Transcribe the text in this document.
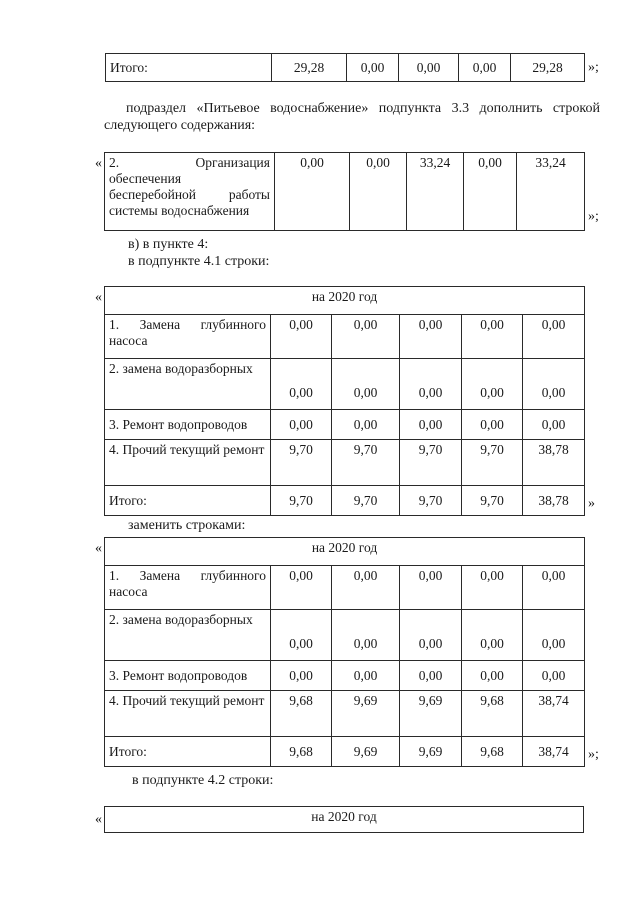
Итого:	29,28	0,00	0,00	0,00	29,28 »;
подраздел «Питьевое водоснабжение» подпункта 3.3 дополнить строкой
следующего содержания:
« 2. Организация
обеспечения
бесперебойной работы
системы водоснабжения
	0,00	0,00	33,24	0,00	33,24
»;
в) в пункте 4:
в подпункте 4.1 строки:
«	на 2020 год					
1. Замена глубинного насоса	0,00	0,00	0,00	0,00	0,00
2. замена водоразборных	0,00	0,00	0,00	0,00	0,00
3. Ремонт водопроводов	0,00	0,00	0,00	0,00	0,00
4. Прочий текущий ремонт	9,70	9,70	9,70	9,70	38,78
Итого:	9,70	9,70	9,70	9,70	38,78 »
заменить строками:
«	на 2020 год					
1. Замена глубинного насоса	0,00	0,00	0,00	0,00	0,00
2. замена водоразборных	0,00	0,00	0,00	0,00	0,00
3. Ремонт водопроводов	0,00	0,00	0,00	0,00	0,00
4. Прочий текущий ремонт	9,68	9,69	9,69	9,68	38,74
Итого:	9,68	9,69	9,69	9,68	38,74 »;
в подпункте 4.2 строки:
«	на 2020 год
